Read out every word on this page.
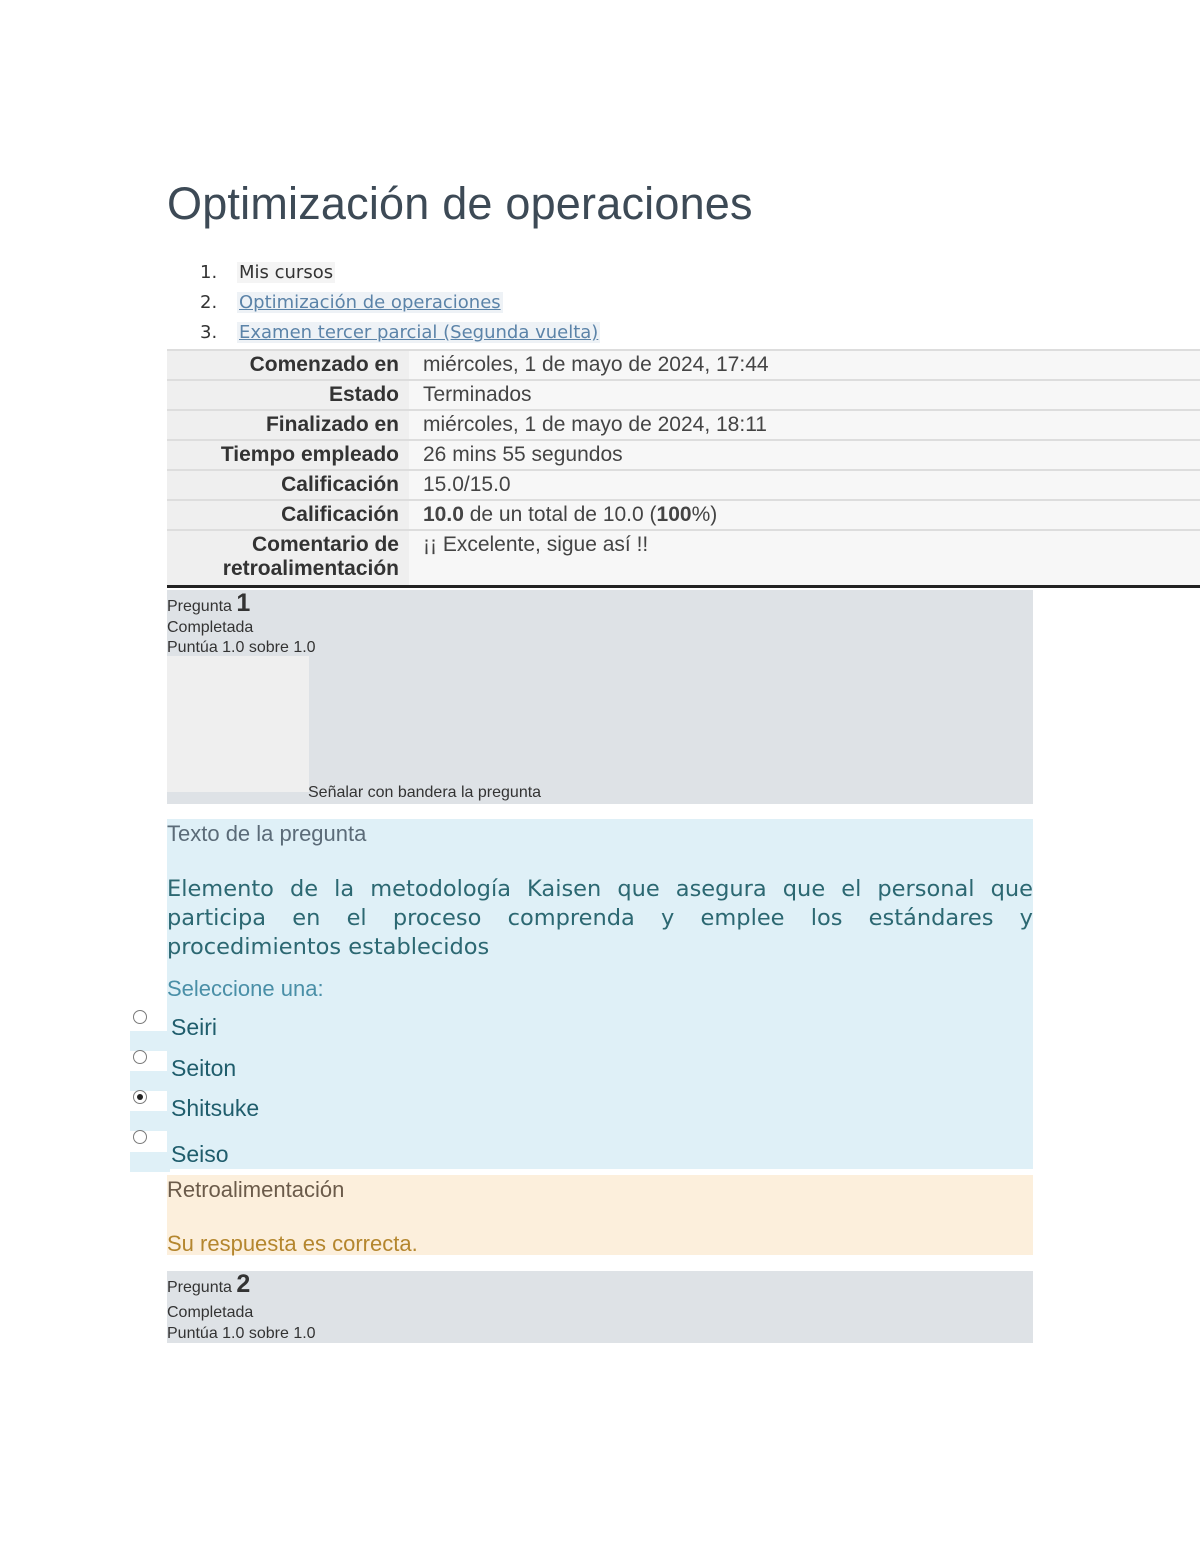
Optimización de operaciones
1. Mis cursos
2. Optimización de operaciones
3. Examen tercer parcial (Segunda vuelta)
Comenzado en	miércoles, 1 de mayo de 2024, 17:44
Estado	Terminados
Finalizado en	miércoles, 1 de mayo de 2024, 18:11
Tiempo empleado	26 mins 55 segundos
Calificación	15.0/15.0
Calificación	10.0 de un total de 10.0 (100%)
Comentario de
retroalimentación	¡¡ Excelente, sigue así !!
Pregunta 1
Completada
Puntúa 1.0 sobre 1.0
Señalar con bandera la pregunta
Texto de la pregunta

Elemento de la metodología Kaisen que asegura que el personal que participa en el proceso comprenda y emplee los estándares y procedimientos establecidos

Seleccione una:
Seiri
Seiton
Shitsuke
Seiso
Retroalimentación
Su respuesta es correcta.
Pregunta 2
Completada
Puntúa 1.0 sobre 1.0
